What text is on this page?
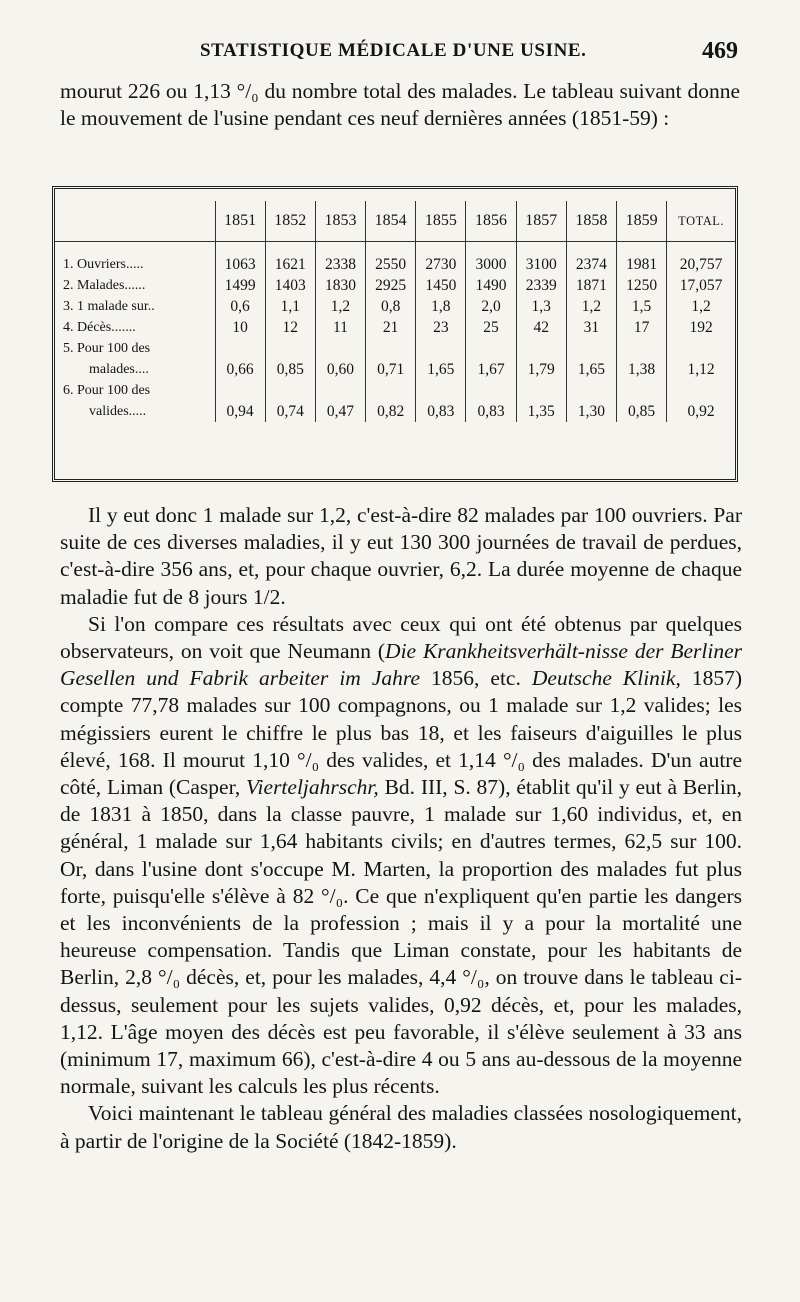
STATISTIQUE MÉDICALE D'UNE USINE.	469

mourut 226 ou 1,13 °/₀ du nombre total des malades. Le tableau suivant donne le mouvement de l'usine pendant ces neuf dernières années (1851-59) :

	1851	1852	1853	1854	1855	1856	1857	1858	1859	TOTAL.

1. Ouvriers.....	1063	1621	2338	2550	2730	3000	3100	2374	1981	20,757
2. Malades......	1499	1403	1830	2925	1450	1490	2339	1871	1250	17,057
3. 1 malade sur..	0,6	1,1	1,2	0,8	1,8	2,0	1,3	1,2	1,5	1,2
4. Décès.......	10	12	11	21	23	25	42	31	17	192
5. Pour 100 des										
malades....	0,66	0,85	0,60	0,71	1,65	1,67	1,79	1,65	1,38	1,12
6. Pour 100 des										
valides.....	0,94	0,74	0,47	0,82	0,83	0,83	1,35	1,30	0,85	0,92

Il y eut donc 1 malade sur 1,2, c'est-à-dire 82 malades par 100 ouvriers. Par suite de ces diverses maladies, il y eut 130 300 journées de travail de perdues, c'est-à-dire 356 ans, et, pour chaque ouvrier, 6,2. La durée moyenne de chaque maladie fut de 8 jours 1/2.

Si l'on compare ces résultats avec ceux qui ont été obtenus par quelques observateurs, on voit que Neumann (Die Krankheitsverhält-nisse der Berliner Gesellen und Fabrik arbeiter im Jahre 1856, etc. Deutsche Klinik, 1857) compte 77,78 malades sur 100 compagnons, ou 1 malade sur 1,2 valides; les mégissiers eurent le chiffre le plus bas 18, et les faiseurs d'aiguilles le plus élevé, 168. Il mourut 1,10 °/₀ des valides, et 1,14 °/₀ des malades. D'un autre côté, Liman (Casper, Vierteljahrschr, Bd. III, S. 87), établit qu'il y eut à Berlin, de 1831 à 1850, dans la classe pauvre, 1 malade sur 1,60 individus, et, en général, 1 malade sur 1,64 habitants civils; en d'autres termes, 62,5 sur 100. Or, dans l'usine dont s'occupe M. Marten, la proportion des malades fut plus forte, puisqu'elle s'élève à 82 °/₀. Ce que n'expliquent qu'en partie les dangers et les inconvénients de la profession ; mais il y a pour la mortalité une heureuse compensation. Tandis que Liman constate, pour les habitants de Berlin, 2,8 °/₀ décès, et, pour les malades, 4,4 °/₀, on trouve dans le tableau ci-dessus, seulement pour les sujets valides, 0,92 décès, et, pour les malades, 1,12. L'âge moyen des décès est peu favorable, il s'élève seulement à 33 ans (minimum 17, maximum 66), c'est-à-dire 4 ou 5 ans au-dessous de la moyenne normale, suivant les calculs les plus récents.

Voici maintenant le tableau général des maladies classées nosologiquement, à partir de l'origine de la Société (1842-1859).
